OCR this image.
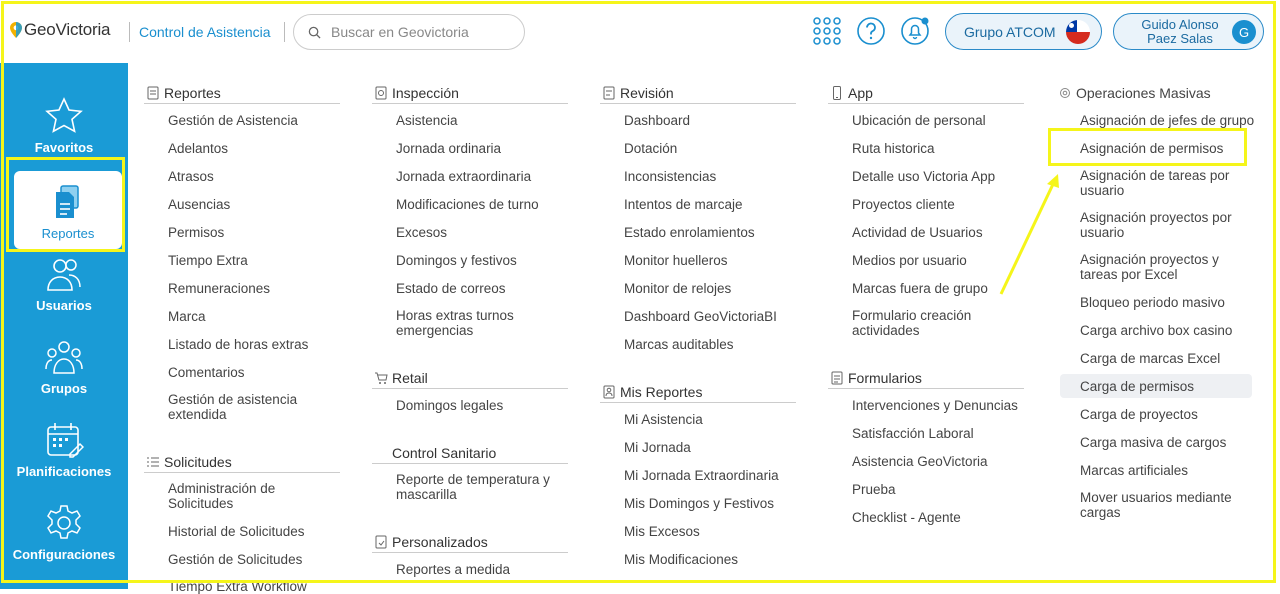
GeoVictoria Control de Asistencia
Buscar en Geovictoria	Grupo ATCOM	Guido Alonso
Paez Salas	G
Favoritos
Reportes
Usuarios
Grupos
Planificaciones
Configuraciones
Reportes
Gestión de Asistencia
Adelantos
Atrasos
Ausencias
Permisos
Tiempo Extra
Remuneraciones
Marca
Listado de horas extras
Comentarios
Gestión de asistencia
extendida
Solicitudes
Administración de
Solicitudes
Historial de Solicitudes
Gestión de Solicitudes
Tiempo Extra Workflow
Inspección
Asistencia
Jornada ordinaria
Jornada extraordinaria
Modificaciones de turno
Excesos
Domingos y festivos
Estado de correos
Horas extras turnos
emergencias
Retail
Domingos legales
Control Sanitario
Reporte de temperatura y
mascarilla
Personalizados
Reportes a medida
Revisión
Dashboard
Dotación
Inconsistencias
Intentos de marcaje
Estado enrolamientos
Monitor huelleros
Monitor de relojes
Dashboard GeoVictoriaBI
Marcas auditables
Mis Reportes
Mi Asistencia
Mi Jornada
Mi Jornada Extraordinaria
Mis Domingos y Festivos
Mis Excesos
Mis Modificaciones
App
Ubicación de personal
Ruta historica
Detalle uso Victoria App
Proyectos cliente
Actividad de Usuarios
Medios por usuario
Marcas fuera de grupo
Formulario creación
actividades
Formularios
Intervenciones y Denuncias
Satisfacción Laboral
Asistencia GeoVictoria
Prueba
Checklist - Agente
Operaciones Masivas
Asignación de jefes de grupo
Asignación de permisos
Asignación de tareas por
usuario
Asignación proyectos por
usuario
Asignación proyectos y
tareas por Excel
Bloqueo periodo masivo
Carga archivo box casino
Carga de marcas Excel
Carga de permisos
Carga de proyectos
Carga masiva de cargos
Marcas artificiales
Mover usuarios mediante
cargas
